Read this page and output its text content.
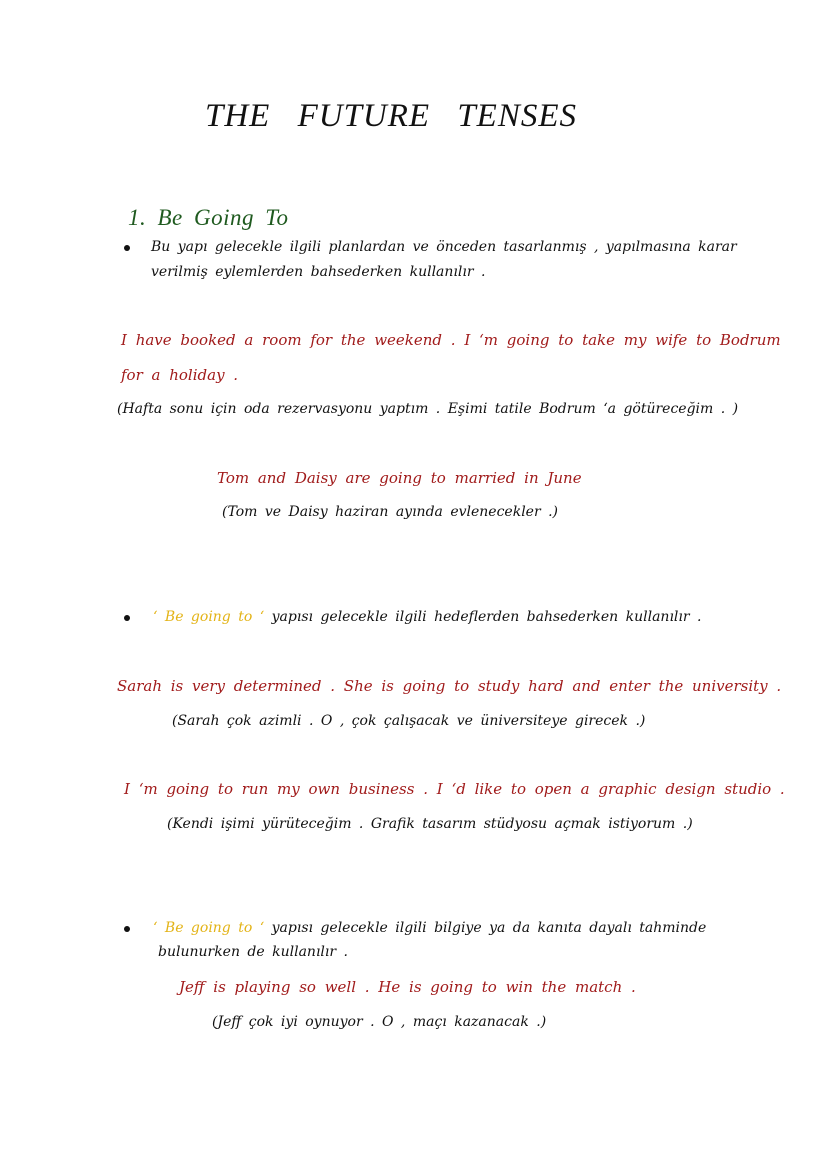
THE FUTURE TENSES
1. Be Going To
Bu yapı gelecekle ilgili planlardan ve önceden tasarlanmış , yapılmasına karar
verilmiş eylemlerden bahsederken kullanılır .
I have booked a room for the weekend . I ‘m going to take my wife to Bodrum
for a holiday .
(Hafta sonu için oda rezervasyonu yaptım . Eşimi tatile Bodrum ‘a götüreceğim . )
Tom and Daisy are going to married in June
(Tom ve Daisy haziran ayında evlenecekler .)
‘ Be going to ‘ yapısı gelecekle ilgili hedeflerden bahsederken kullanılır .
Sarah is very determined . She is going to study hard and enter the university .
(Sarah çok azimli . O , çok çalışacak ve üniversiteye girecek .)
I ‘m going to run my own business . I ‘d like to open a graphic design studio .
(Kendi işimi yürüteceğim . Grafik tasarım stüdyosu açmak istiyorum .)
‘ Be going to ‘ yapısı gelecekle ilgili bilgiye ya da kanıta dayalı tahminde
bulunurken de kullanılır .
Jeff is playing so well . He is going to win the match .
(Jeff çok iyi oynuyor . O , maçı kazanacak .)
